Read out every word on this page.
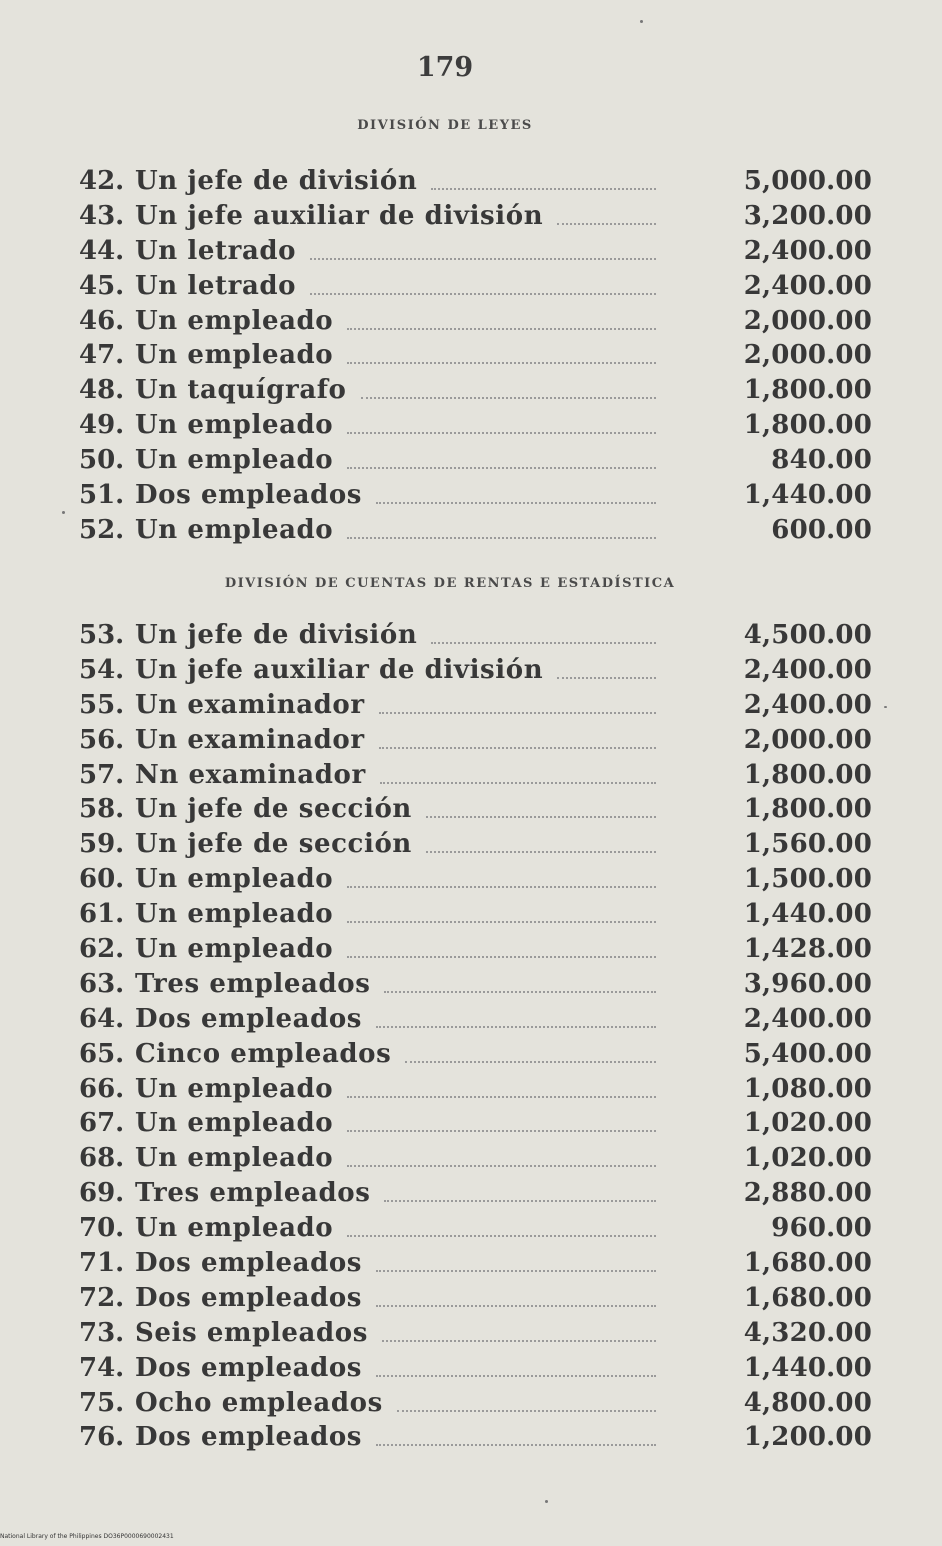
179
DIVISIÓN DE LEYES
42. Un jefe de división	5,000.00
43. Un jefe auxiliar de división	3,200.00
44. Un letrado	2,400.00
45. Un letrado	2,400.00
46. Un empleado	2,000.00
47. Un empleado	2,000.00
48. Un taquígrafo	1,800.00
49. Un empleado	1,800.00
50. Un empleado	840.00
51. Dos empleados	1,440.00
52. Un empleado	600.00
DIVISIÓN DE CUENTAS DE RENTAS E ESTADÍSTICA
53. Un jefe de división	4,500.00
54. Un jefe auxiliar de división	2,400.00
55. Un examinador	2,400.00
56. Un examinador	2,000.00
57. Nn examinador	1,800.00
58. Un jefe de sección	1,800.00
59. Un jefe de sección	1,560.00
60. Un empleado	1,500.00
61. Un empleado	1,440.00
62. Un empleado	1,428.00
63. Tres empleados	3,960.00
64. Dos empleados	2,400.00
65. Cinco empleados	5,400.00
66. Un empleado	1,080.00
67. Un empleado	1,020.00
68. Un empleado	1,020.00
69. Tres empleados	2,880.00
70. Un empleado	960.00
71. Dos empleados	1,680.00
72. Dos empleados	1,680.00
73. Seis empleados	4,320.00
74. Dos empleados	1,440.00
75. Ocho empleados	4,800.00
76. Dos empleados	1,200.00
National Library of the Philippines DO36P0000690002431
